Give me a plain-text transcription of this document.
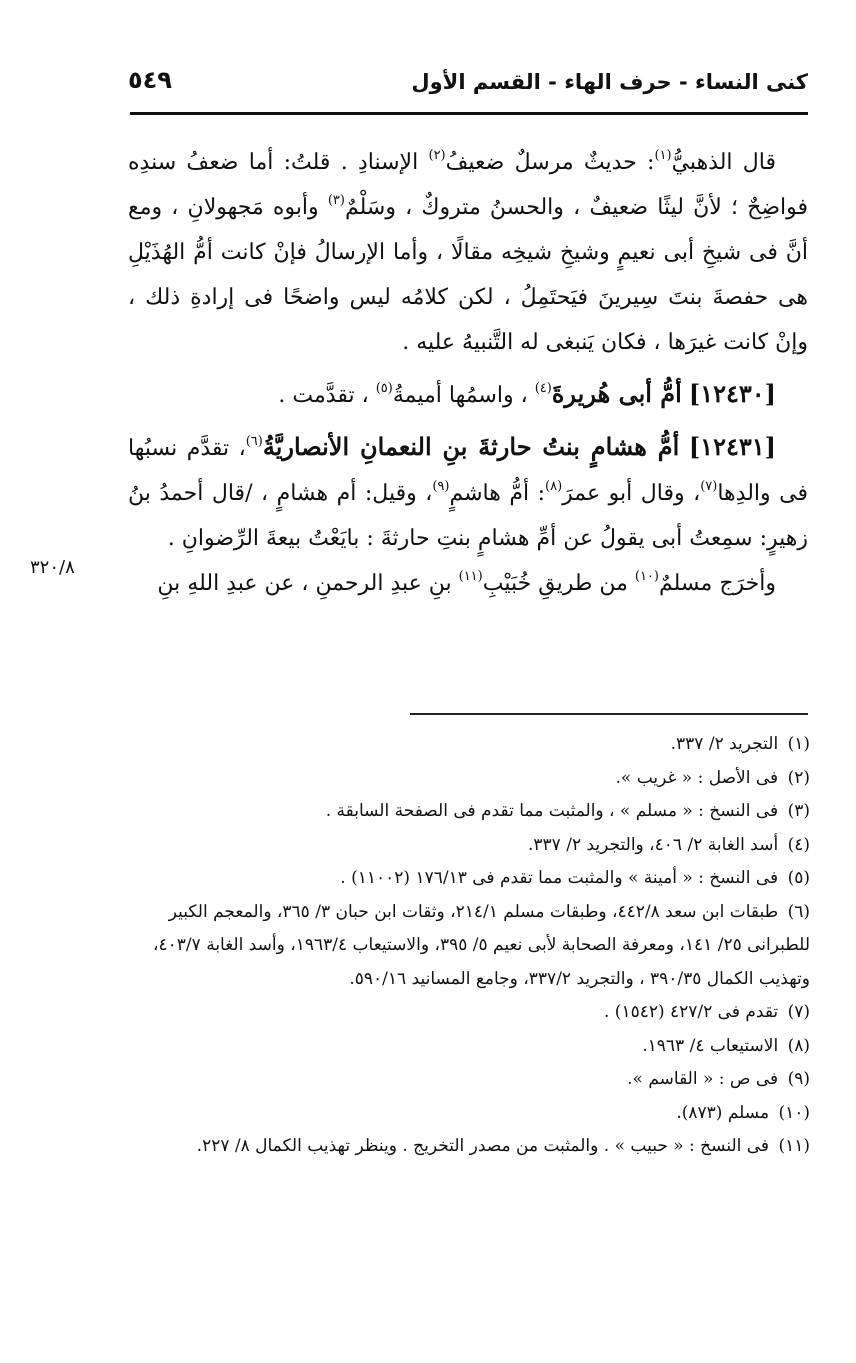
كنى النساء - حرف الهاء - القسم الأول
٥٤٩

قال الذهبيُّ$^{(١)}$: حديثٌ مرسلٌ ضعيفُ$^{(٢)}$ الإسنادِ . قلتُ: أما ضعفُ سندِه فواضِحٌ ؛ لأنَّ ليثًا ضعيفٌ ، والحسنُ متروكٌ ، وسَلْمٌ$^{(٣)}$ وأبوه مَجهولانِ ، ومع أنَّ فى شيخِ أبى نعيمٍ وشيخِ شيخِه مقالًا ، وأما الإرسالُ فإنْ كانت أمُّ الهُذَيْلِ هى حفصةَ بنتَ سِيرينَ فيَحتَمِلُ ، لكن كلامُه ليس واضحًا فى إرادةِ ذلك ، وإنْ كانت غيرَها ، فكان يَنبغى له التَّنبيهُ عليه .

[١٢٤٣٠] أمُّ أبى هُريرةَ$^{(٤)}$ ، واسمُها أميمةُ$^{(٥)}$ ، تقدَّمت .

[١٢٤٣١] أمُّ هشامٍ بنتُ حارثةَ بنِ النعمانِ الأنصاريَّةُ$^{(٦)}$، تقدَّم نسبُها فى والدِها$^{(٧)}$، وقال أبو عمرَ$^{(٨)}$: أمُّ هاشمٍ$^{(٩)}$، وقيل: أم هشامٍ ، /قال أحمدُ بنُ زهيرٍ: سمِعتُ أبى يقولُ عن أمِّ هشامٍ بنتِ حارثةَ : بايَعْتُ بيعةَ الرِّضوانِ .

وأخرَج مسلمٌ$^{(١٠)}$ من طريقِ خُبَيْبِ$^{(١١)}$ بنِ عبدِ الرحمنِ ، عن عبدِ اللهِ بنِ

٣٢٠/٨

(١) التجريد ٢/ ٣٣٧.

(٢) فى الأصل : « غريب ».

(٣) فى النسخ : « مسلم » ، والمثبت مما تقدم فى الصفحة السابقة .

(٤) أسد الغابة ٢/ ٤٠٦، والتجريد ٢/ ٣٣٧.

(٥) فى النسخ : « أمينة » والمثبت مما تقدم فى ١٧٦/١٣ (١١٠٠٢) .

(٦) طبقات ابن سعد ٤٤٢/٨، وطبقات مسلم ٢١٤/١، وثقات ابن حبان ٣/ ٣٦٥، والمعجم الكبير للطبرانى ٢٥/ ١٤١، ومعرفة الصحابة لأبى نعيم ٥/ ٣٩٥، والاستيعاب ١٩٦٣/٤، وأسد الغابة ٤٠٣/٧، وتهذيب الكمال ٣٩٠/٣٥ ، والتجريد ٣٣٧/٢، وجامع المسانيد ٥٩٠/١٦.

(٧) تقدم فى ٤٢٧/٢ (١٥٤٢) .

(٨) الاستيعاب ٤/ ١٩٦٣.

(٩) فى ص : « القاسم ».

(١٠) مسلم (٨٧٣).

(١١) فى النسخ : « حبيب » . والمثبت من مصدر التخريج . وينظر تهذيب الكمال ٨/ ٢٢٧.
